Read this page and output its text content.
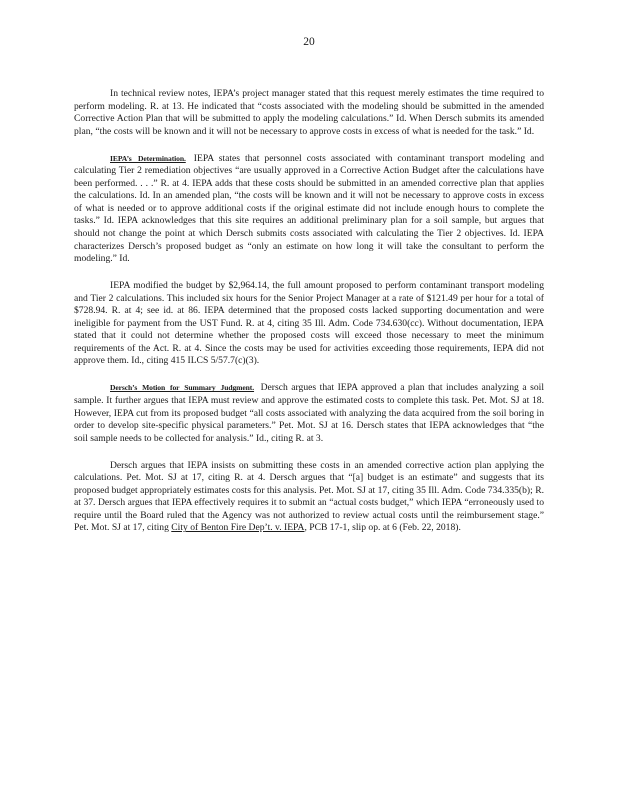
20

In technical review notes, IEPA’s project manager stated that this request merely estimates the time required to perform modeling. R. at 13. He indicated that “costs associated with the modeling should be submitted in the amended Corrective Action Plan that will be submitted to apply the modeling calculations.” Id. When Dersch submits its amended plan, “the costs will be known and it will not be necessary to approve costs in excess of what is needed for the task.” Id.

IEPA’s Determination. IEPA states that personnel costs associated with contaminant transport modeling and calculating Tier 2 remediation objectives “are usually approved in a Corrective Action Budget after the calculations have been performed. . . .” R. at 4. IEPA adds that these costs should be submitted in an amended corrective plan that applies the calculations. Id. In an amended plan, “the costs will be known and it will not be necessary to approve costs in excess of what is needed or to approve additional costs if the original estimate did not include enough hours to complete the tasks.” Id. IEPA acknowledges that this site requires an additional preliminary plan for a soil sample, but argues that should not change the point at which Dersch submits costs associated with calculating the Tier 2 objectives. Id. IEPA characterizes Dersch’s proposed budget as “only an estimate on how long it will take the consultant to perform the modeling.” Id.

IEPA modified the budget by $2,964.14, the full amount proposed to perform contaminant transport modeling and Tier 2 calculations. This included six hours for the Senior Project Manager at a rate of $121.49 per hour for a total of $728.94. R. at 4; see id. at 86. IEPA determined that the proposed costs lacked supporting documentation and were ineligible for payment from the UST Fund. R. at 4, citing 35 Ill. Adm. Code 734.630(cc). Without documentation, IEPA stated that it could not determine whether the proposed costs will exceed those necessary to meet the minimum requirements of the Act. R. at 4. Since the costs may be used for activities exceeding those requirements, IEPA did not approve them. Id., citing 415 ILCS 5/57.7(c)(3).

Dersch’s Motion for Summary Judgment. Dersch argues that IEPA approved a plan that includes analyzing a soil sample. It further argues that IEPA must review and approve the estimated costs to complete this task. Pet. Mot. SJ at 18. However, IEPA cut from its proposed budget “all costs associated with analyzing the data acquired from the soil boring in order to develop site-specific physical parameters.” Pet. Mot. SJ at 16. Dersch states that IEPA acknowledges that “the soil sample needs to be collected for analysis.” Id., citing R. at 3.

Dersch argues that IEPA insists on submitting these costs in an amended corrective action plan applying the calculations. Pet. Mot. SJ at 17, citing R. at 4. Dersch argues that “[a] budget is an estimate” and suggests that its proposed budget appropriately estimates costs for this analysis. Pet. Mot. SJ at 17, citing 35 Ill. Adm. Code 734.335(b); R. at 37. Dersch argues that IEPA effectively requires it to submit an “actual costs budget,” which IEPA “erroneously used to require until the Board ruled that the Agency was not authorized to review actual costs until the reimbursement stage.” Pet. Mot. SJ at 17, citing City of Benton Fire Dep’t. v. IEPA, PCB 17-1, slip op. at 6 (Feb. 22, 2018).
